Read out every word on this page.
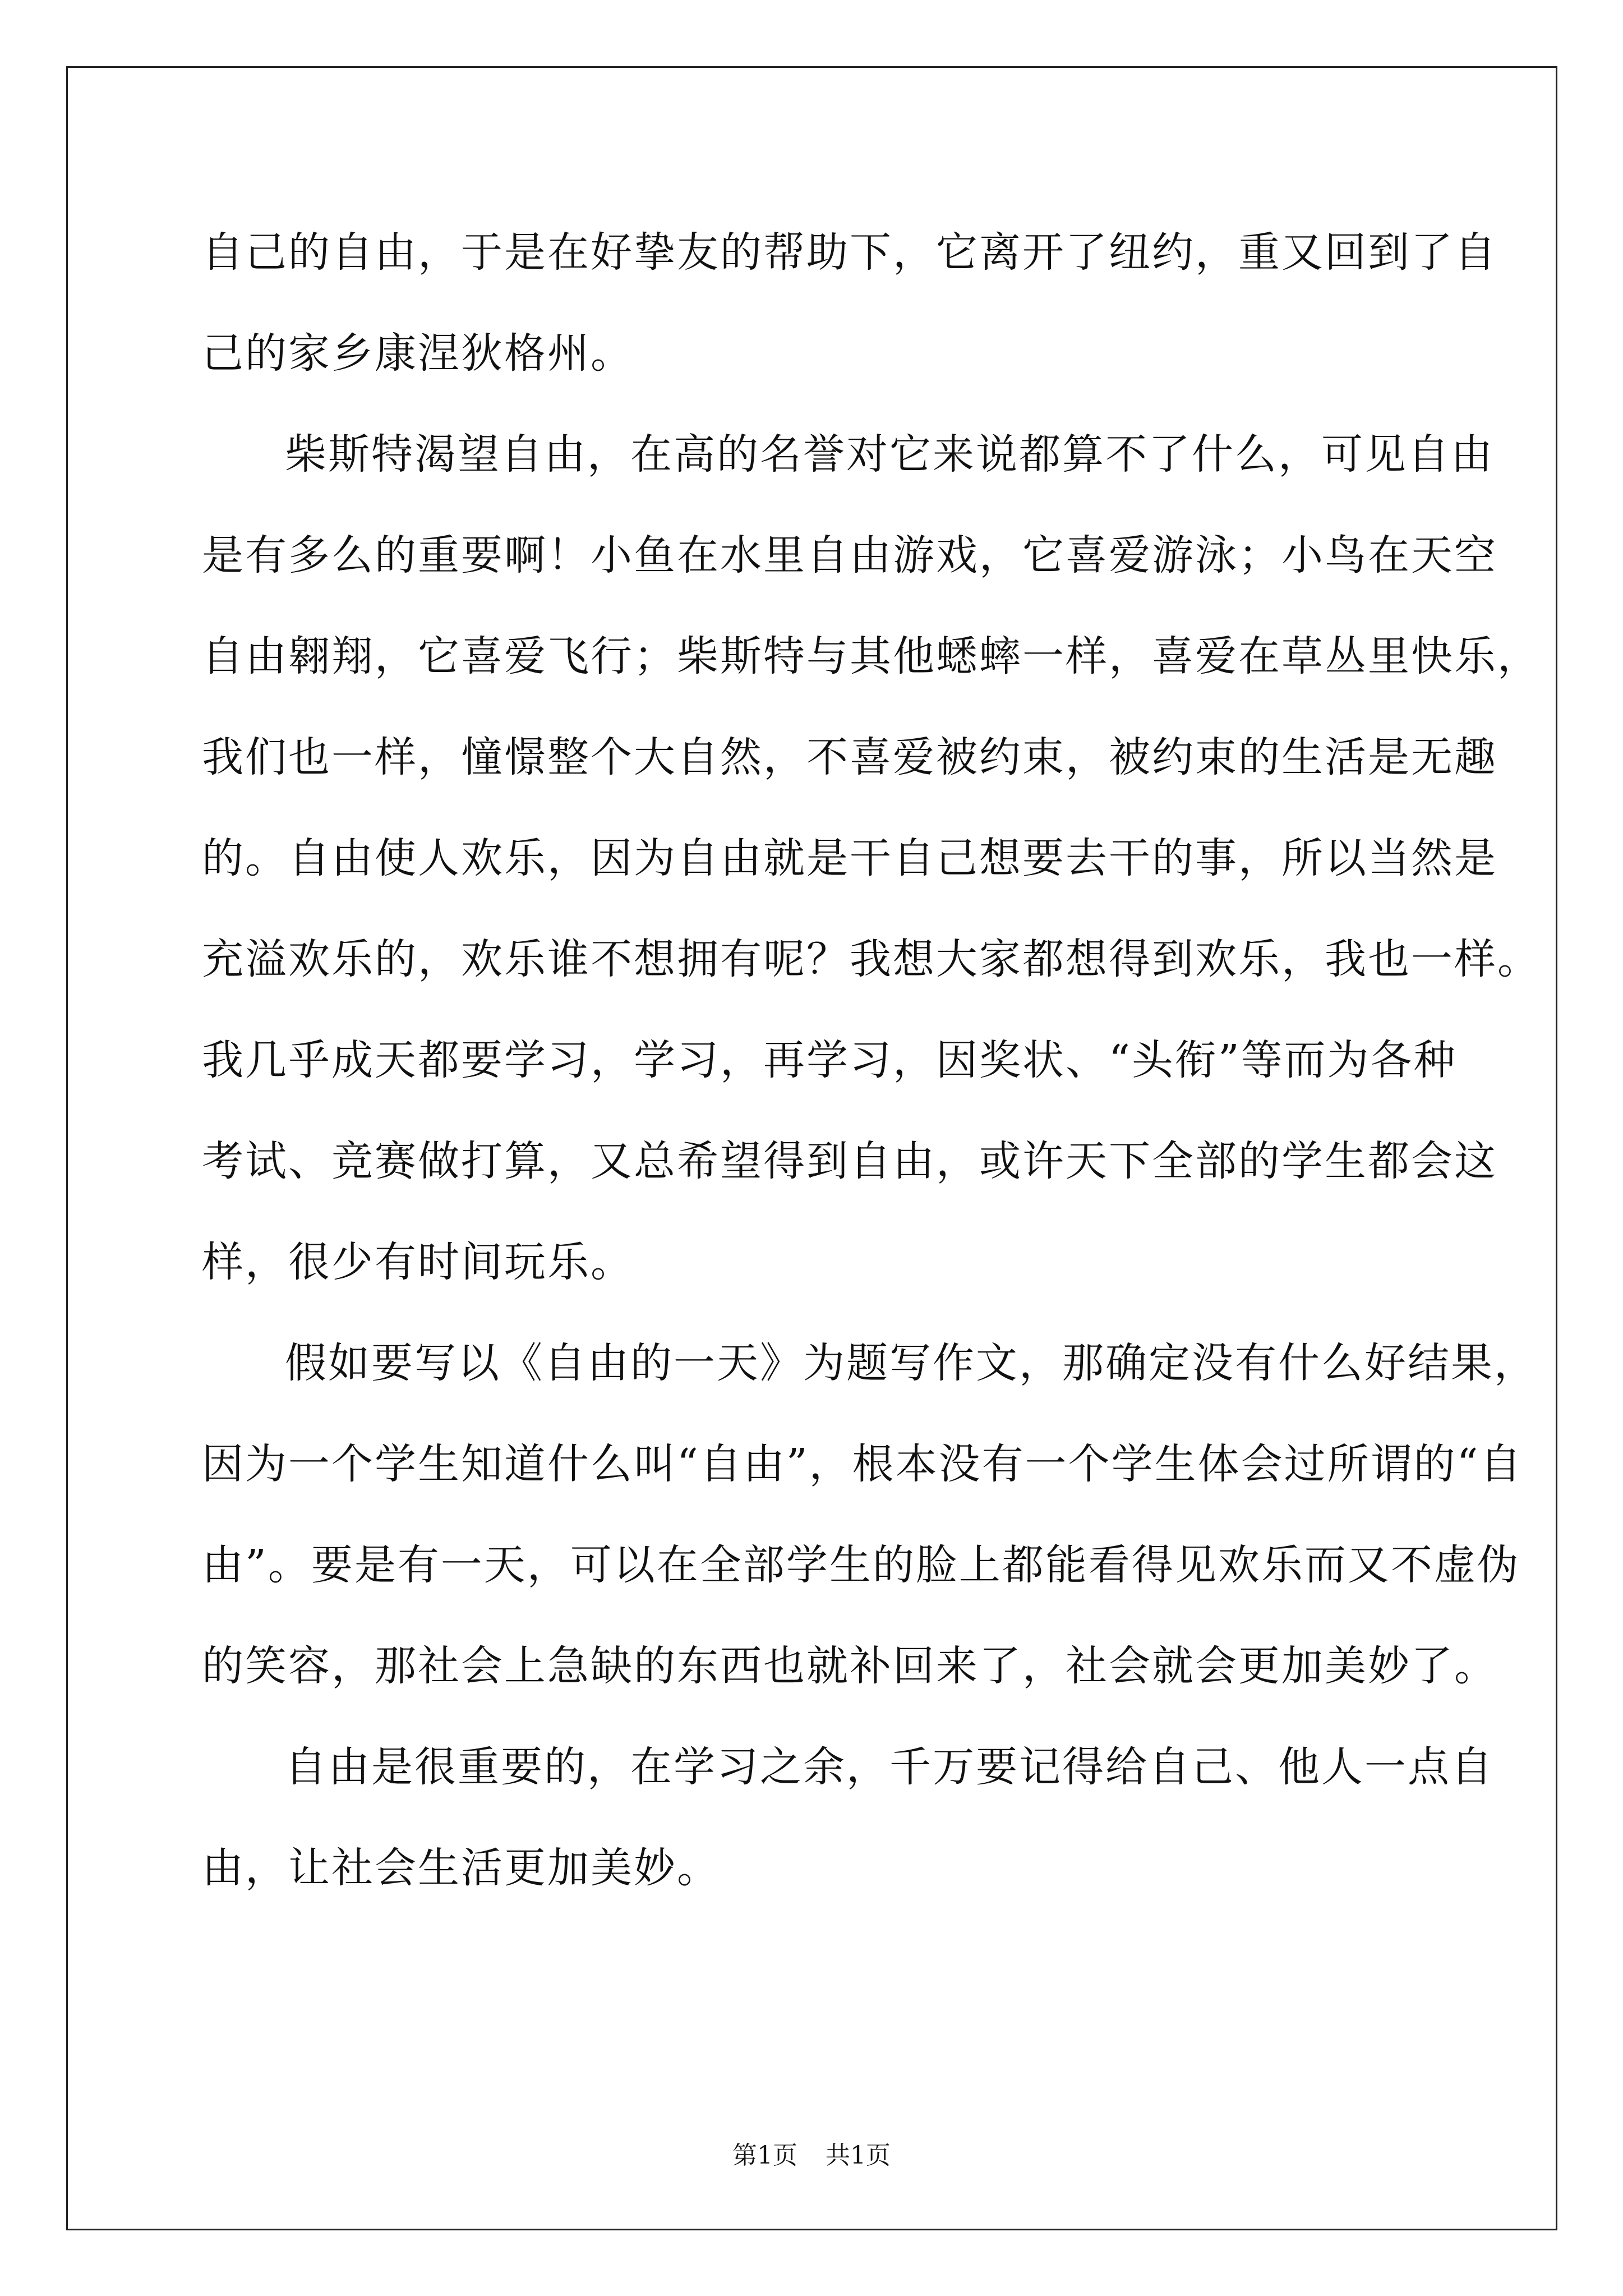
自己的自由，于是在好挚友的帮助下，它离开了纽约，重又回到了自
己的家乡康涅狄格州。
柴斯特渴望自由，在高的名誉对它来说都算不了什么，可见自由
是有多么的重要啊！小鱼在水里自由游戏，它喜爱游泳；小鸟在天空
自由翱翔，它喜爱飞行；柴斯特与其他蟋蟀一样，喜爱在草丛里快乐，
我们也一样，憧憬整个大自然，不喜爱被约束，被约束的生活是无趣
的。自由使人欢乐，因为自由就是干自己想要去干的事，所以当然是
充溢欢乐的，欢乐谁不想拥有呢？我想大家都想得到欢乐，我也一样。
我几乎成天都要学习，学习，再学习，因奖状、“头衔”等而为各种
考试、竞赛做打算，又总希望得到自由，或许天下全部的学生都会这
样，很少有时间玩乐。
假如要写以《自由的一天》为题写作文，那确定没有什么好结果，
因为一个学生知道什么叫“自由”，根本没有一个学生体会过所谓的“自
由”。要是有一天，可以在全部学生的脸上都能看得见欢乐而又不虚伪
的笑容，那社会上急缺的东西也就补回来了，社会就会更加美妙了。
自由是很重要的，在学习之余，千万要记得给自己、他人一点自
由，让社会生活更加美妙。
第1页 共1页
